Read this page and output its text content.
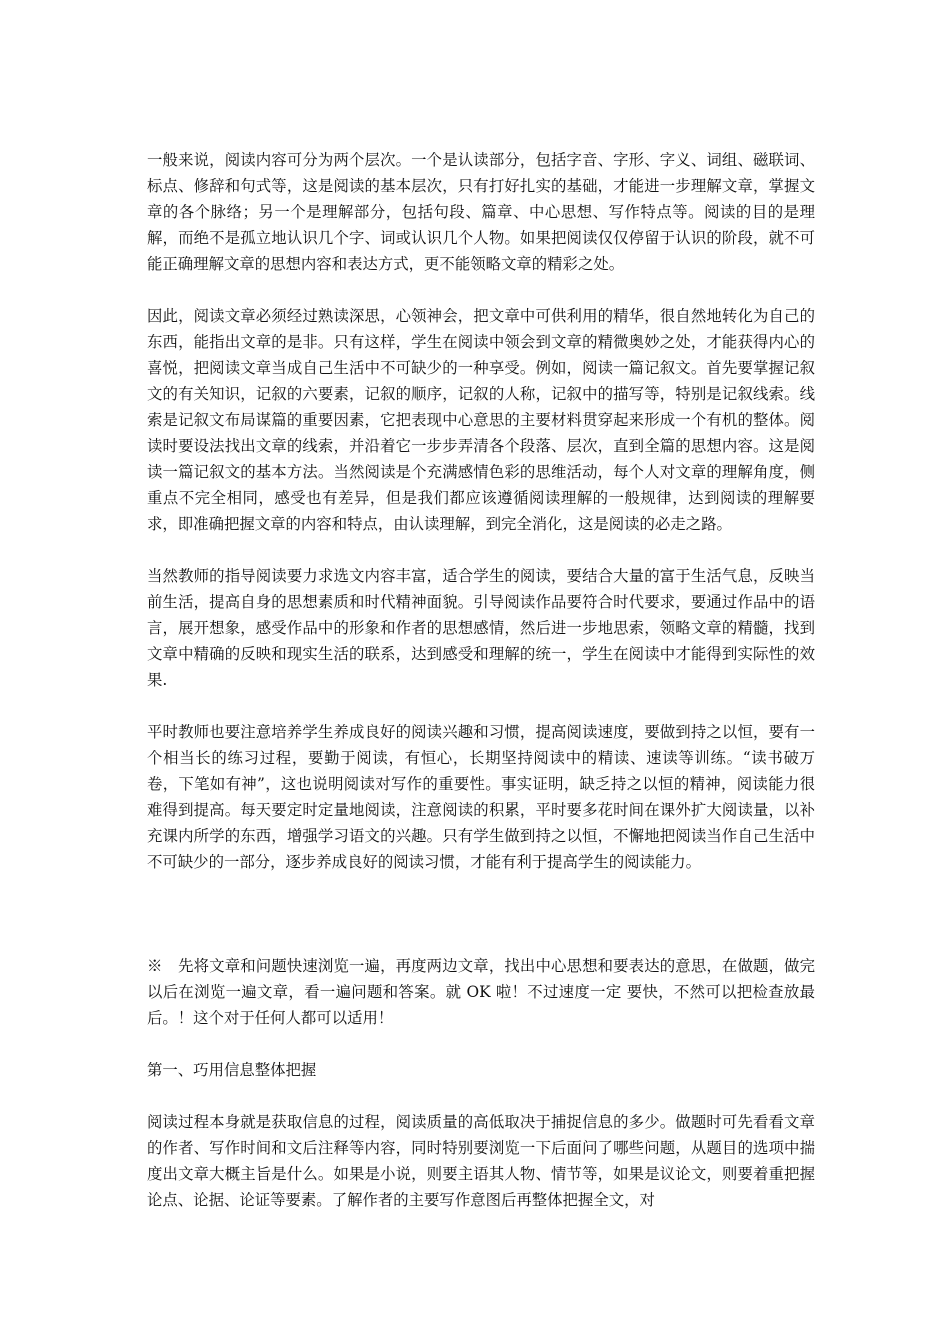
一般来说，阅读内容可分为两个层次。一个是认读部分，包括字音、字形、字义、词组、磁联词、标点、修辞和句式等，这是阅读的基本层次，只有打好扎实的基础，才能进一步理解文章，掌握文章的各个脉络；另一个是理解部分，包括句段、篇章、中心思想、写作特点等。阅读的目的是理解，而绝不是孤立地认识几个字、词或认识几个人物。如果把阅读仅仅停留于认识的阶段，就不可能正确理解文章的思想内容和表达方式，更不能领略文章的精彩之处。

因此，阅读文章必须经过熟读深思，心领神会，把文章中可供利用的精华，很自然地转化为自己的东西，能指出文章的是非。只有这样，学生在阅读中领会到文章的精微奥妙之处，才能获得内心的喜悦，把阅读文章当成自己生活中不可缺少的一种享受。例如，阅读一篇记叙文。首先要掌握记叙文的有关知识，记叙的六要素，记叙的顺序，记叙的人称，记叙中的描写等，特别是记叙线索。线索是记叙文布局谋篇的重要因素，它把表现中心意思的主要材料贯穿起来形成一个有机的整体。阅读时要设法找出文章的线索，并沿着它一步步弄清各个段落、层次，直到全篇的思想内容。这是阅读一篇记叙文的基本方法。当然阅读是个充满感情色彩的思维活动，每个人对文章的理解角度，侧重点不完全相同，感受也有差异，但是我们都应该遵循阅读理解的一般规律，达到阅读的理解要求，即准确把握文章的内容和特点，由认读理解，到完全消化，这是阅读的必走之路。

当然教师的指导阅读要力求选文内容丰富，适合学生的阅读，要结合大量的富于生活气息，反映当前生活，提高自身的思想素质和时代精神面貌。引导阅读作品要符合时代要求，要通过作品中的语言，展开想象，感受作品中的形象和作者的思想感情，然后进一步地思索，领略文章的精髓，找到文章中精确的反映和现实生活的联系，达到感受和理解的统一，学生在阅读中才能得到实际性的效果.

平时教师也要注意培养学生养成良好的阅读兴趣和习惯，提高阅读速度，要做到持之以恒，要有一个相当长的练习过程，要勤于阅读，有恒心，长期坚持阅读中的精读、速读等训练。“读书破万卷，下笔如有神”，这也说明阅读对写作的重要性。事实证明，缺乏持之以恒的精神，阅读能力很难得到提高。每天要定时定量地阅读，注意阅读的积累，平时要多花时间在课外扩大阅读量，以补充课内所学的东西，增强学习语文的兴趣。只有学生做到持之以恒，不懈地把阅读当作自己生活中不可缺少的一部分，逐步养成良好的阅读习惯，才能有利于提高学生的阅读能力。

※　先将文章和问题快速浏览一遍，再度两边文章，找出中心思想和要表达的意思，在做题，做完以后在浏览一遍文章，看一遍问题和答案。就 OK 啦！不过速度一定 要快，不然可以把检查放最后。！这个对于任何人都可以适用！

第一、巧用信息整体把握

阅读过程本身就是获取信息的过程，阅读质量的高低取决于捕捉信息的多少。做题时可先看看文章的作者、写作时间和文后注释等内容，同时特别要浏览一下后面问了哪些问题，从题目的选项中揣度出文章大概主旨是什么。如果是小说，则要主语其人物、情节等，如果是议论文，则要着重把握论点、论据、论证等要素。了解作者的主要写作意图后再整体把握全文，对
